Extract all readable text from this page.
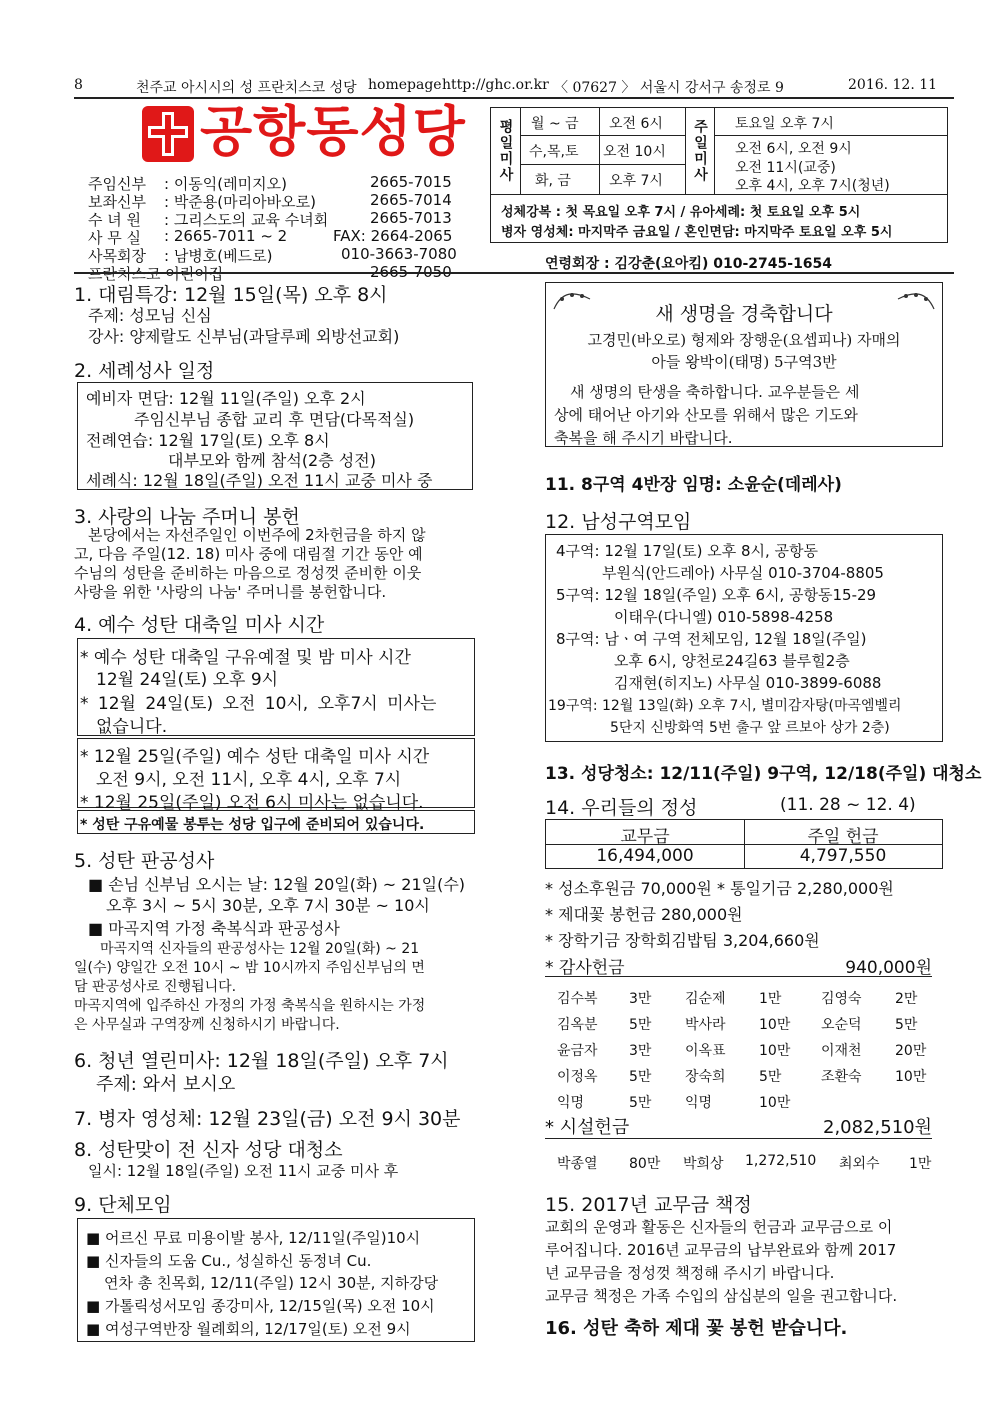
8	천주교 아시시의 성 프란치스코 성당 homepage http://ghc.or.kr 〈 07627 〉 서울시 강서구 송정로 9	2016. 12. 11
공항동성당
주임신부 : 이동익(레미지오)	2665-7015
보좌신부 : 박준용(마리아바오로)	2665-7014
수 녀 원 : 그리스도의 교육 수녀회	2665-7013
사 무 실 : 2665-7011 ~ 2	FAX: 2664-2065
사목회장 : 남병호(베드로)	010-3663-7080
프란치스코 어린이집	2665-7050
평일미사	월 ~ 금 오전 6시
수,목,토 오전 10시
화, 금	오후 7시	주일미사	토요일 오후 7시
오전 6시, 오전 9시
오전 11시(교중)
오후 4시, 오후 7시(청년)
성체강복 : 첫 목요일 오후 7시 / 유아세례: 첫 토요일 오후 5시
병자 영성체: 마지막주 금요일 / 혼인면담: 마지막주 토요일 오후 5시
연령회장 : 김강춘(요아킴) 010-2745-1654
1. 대림특강: 12월 15일(목) 오후 8시
주제: 성모님 신심
강사: 양제랄도 신부님(과달루페 외방선교회)
2. 세례성사 일정
예비자 면담: 12월 11일(주일) 오후 2시
주임신부님 종합 교리 후 면담(다목적실)
전례연습: 12월 17일(토) 오후 8시
대부모와 함께 참석(2층 성전)
세례식: 12월 18일(주일) 오전 11시 교중 미사 중
3. 사랑의 나눔 주머니 봉헌
본당에서는 자선주일인 이번주에 2차헌금을 하지 않
고, 다음 주일(12. 18) 미사 중에 대림절 기간 동안 예
수님의 성탄을 준비하는 마음으로 정성껏 준비한 이웃
사랑을 위한 '사랑의 나눔' 주머니를 봉헌합니다.
4. 예수 성탄 대축일 미사 시간
* 예수 성탄 대축일 구유예절 및 밤 미사 시간
12월 24일(토) 오후 9시
* 12월 24일(토) 오전 10시, 오후7시 미사는
없습니다.
* 12월 25일(주일) 예수 성탄 대축일 미사 시간
오전 9시, 오전 11시, 오후 4시, 오후 7시
* 12월 25일(주일) 오전 6시 미사는 없습니다.
* 성탄 구유예물 봉투는 성당 입구에 준비되어 있습니다.
5. 성탄 판공성사
■ 손님 신부님 오시는 날: 12월 20일(화) ~ 21일(수)
오후 3시 ~ 5시 30분, 오후 7시 30분 ~ 10시
■ 마곡지역 가정 축복식과 판공성사
마곡지역 신자들의 판공성사는 12월 20일(화) ~ 21
일(수) 양일간 오전 10시 ~ 밤 10시까지 주임신부님의 면
담 판공성사로 진행됩니다.
마곡지역에 입주하신 가정의 가정 축복식을 원하시는 가정
은 사무실과 구역장께 신청하시기 바랍니다.
6. 청년 열린미사: 12월 18일(주일) 오후 7시
주제: 와서 보시오
7. 병자 영성체: 12월 23일(금) 오전 9시 30분
8. 성탄맞이 전 신자 성당 대청소
일시: 12월 18일(주일) 오전 11시 교중 미사 후
9. 단체모임
■ 어르신 무료 미용이발 봉사, 12/11일(주일)10시
■ 신자들의 도움 Cu., 성실하신 동정녀 Cu.
연차 총 친목회, 12/11(주일) 12시 30분, 지하강당
■ 가톨릭성서모임 종강미사, 12/15일(목) 오전 10시
■ 여성구역반장 월례회의, 12/17일(토) 오전 9시
새 생명을 경축합니다
고경민(바오로) 형제와 장행운(요셉피나) 자매의
아들 왕박이(태명) 5구역3반
새 생명의 탄생을 축하합니다. 교우분들은 세
상에 태어난 아기와 산모를 위해서 많은 기도와
축복을 해 주시기 바랍니다.
11. 8구역 4반장 임명: 소윤순(데레사)
12. 남성구역모임
4구역: 12월 17일(토) 오후 8시, 공항동
부원식(안드레아) 사무실 010-3704-8805
5구역: 12월 18일(주일) 오후 6시, 공항동15-29
이태우(다니엘) 010-5898-4258
8구역: 남ㆍ여 구역 전체모임, 12월 18일(주일)
오후 6시, 양천로24길63 블루힐2층
김재현(히지노) 사무실 010-3899-6088
19구역: 12월 13일(화) 오후 7시, 별미감자탕(마곡엠벨리
5단지 신방화역 5번 출구 앞 르보아 상가 2층)
13. 성당청소: 12/11(주일) 9구역, 12/18(주일) 대청소
14. 우리들의 정성	(11. 28 ~ 12. 4)
교무금	주일 헌금
16,494,000	4,797,550
* 성소후원금 70,000원 * 통일기금 2,280,000원
* 제대꽃 봉헌금 280,000원
* 장학기금 장학회김밥팀 3,204,660원
* 감사헌금	940,000원
김수복	3만	김순제	1만	김영숙	2만
김옥분	5만	박사라	10만	오순덕	5만
윤금자	3만	이옥표	10만	이재천	20만
이정옥	5만	장숙희	5만	조환숙	10만
익명	5만	익명	10만
* 시설헌금	2,082,510원
박종열 80만 박희상 1,272,510 최외수 1만
15. 2017년 교무금 책정
교회의 운영과 활동은 신자들의 헌금과 교무금으로 이
루어집니다. 2016년 교무금의 납부완료와 함께 2017
년 교무금을 정성껏 책정해 주시기 바랍니다.
교무금 책정은 가족 수입의 삼십분의 일을 권고합니다.
16. 성탄 축하 제대 꽃 봉헌 받습니다.
